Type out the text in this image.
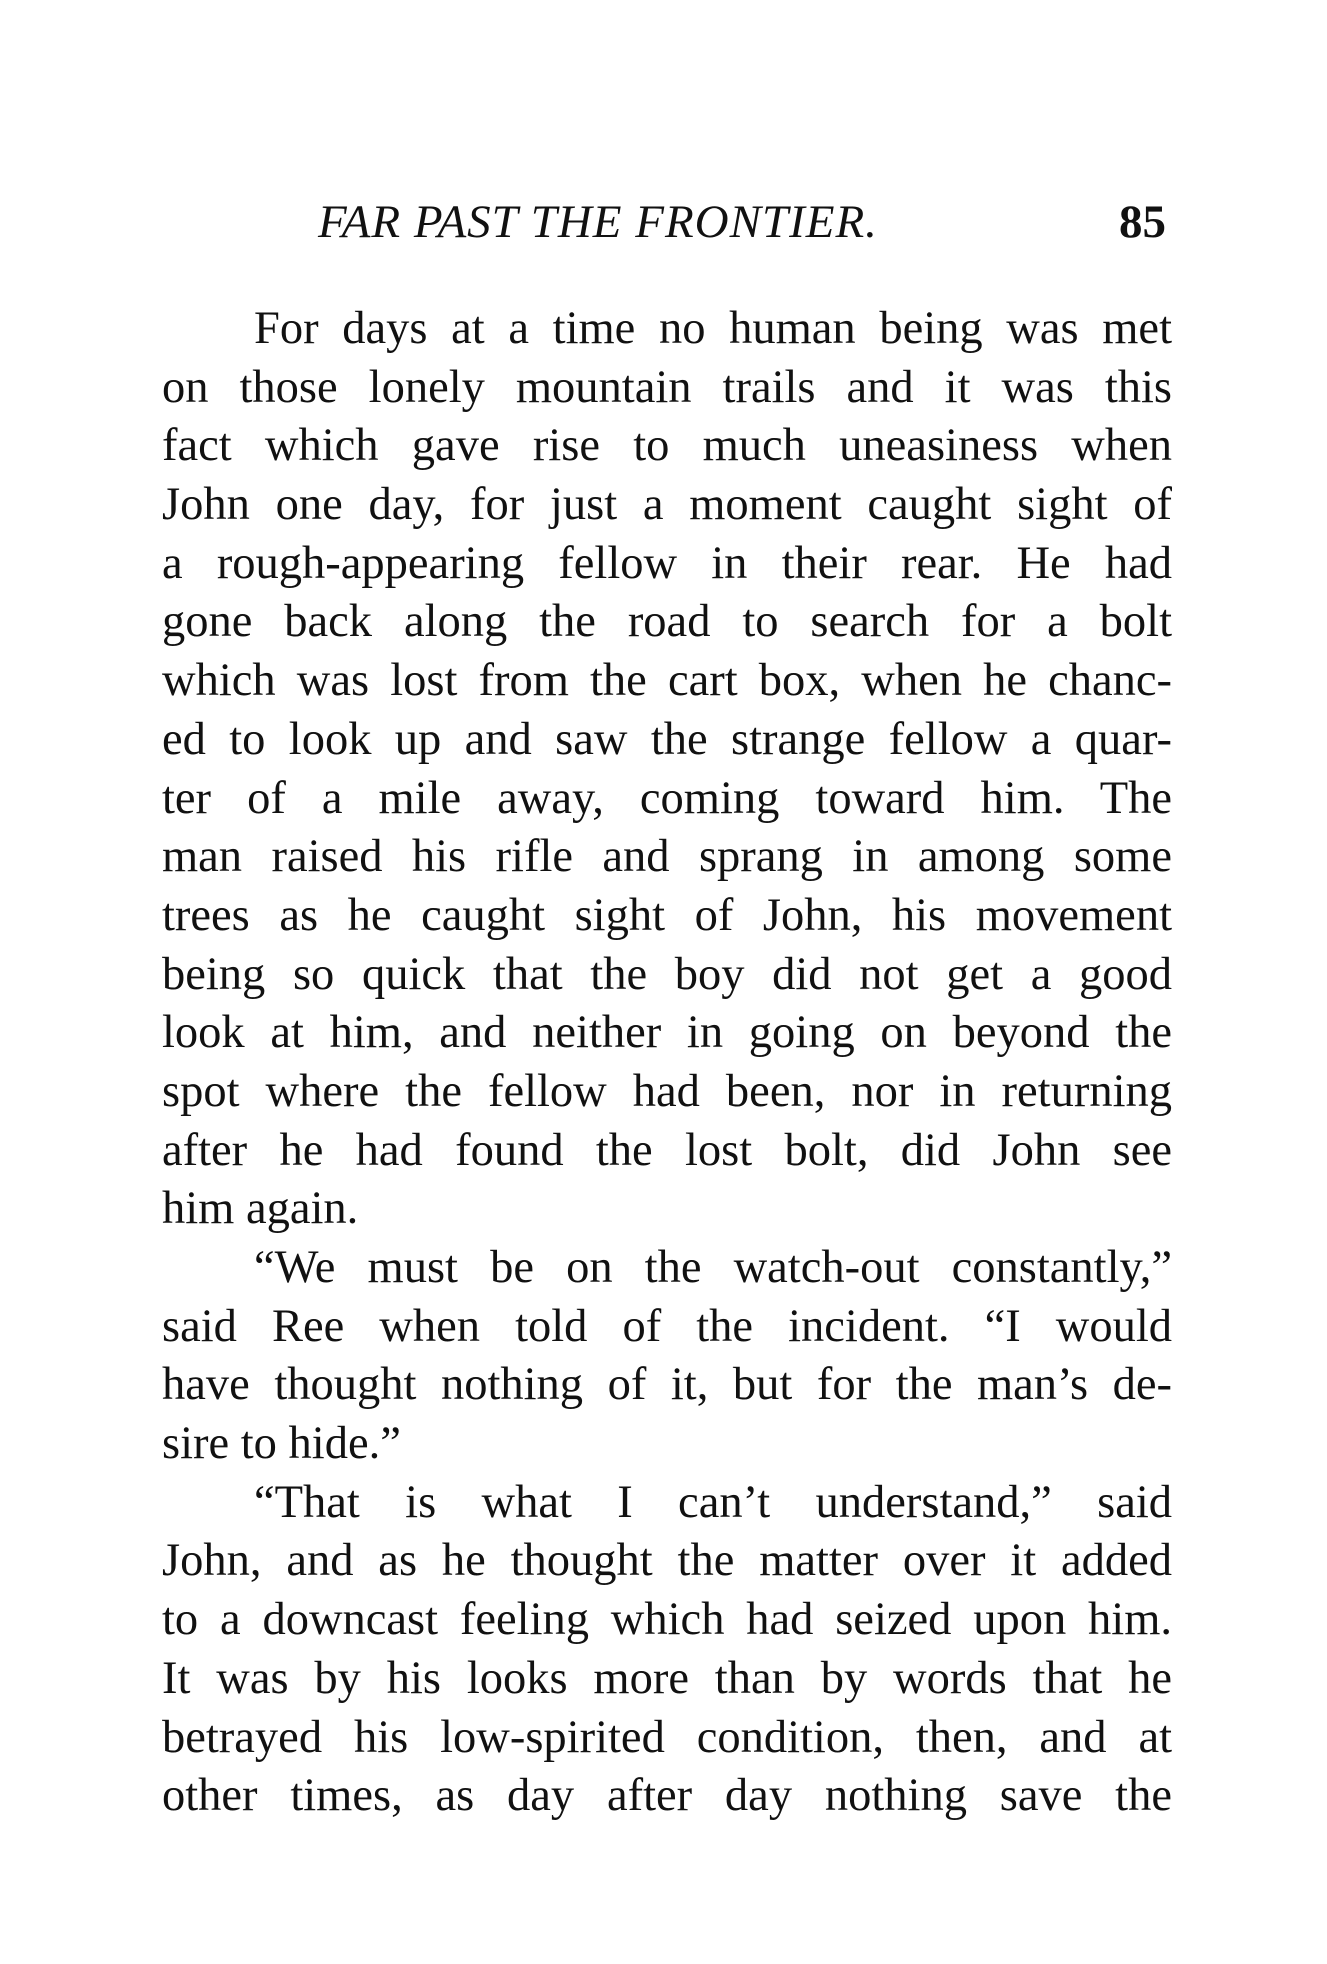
FAR PAST THE FRONTIER.	85
For days at a time no human being was met
on those lonely mountain trails and it was this
fact which gave rise to much uneasiness when
John one day, for just a moment caught sight of
a rough-appearing fellow in their rear. He had
gone back along the road to search for a bolt
which was lost from the cart box, when he chanc-
ed to look up and saw the strange fellow a quar-
ter of a mile away, coming toward him. The
man raised his rifle and sprang in among some
trees as he caught sight of John, his movement
being so quick that the boy did not get a good
look at him, and neither in going on beyond the
spot where the fellow had been, nor in returning
after he had found the lost bolt, did John see
him again.
“We must be on the watch-out constantly,”
said Ree when told of the incident. “I would
have thought nothing of it, but for the man’s de-
sire to hide.”
“That is what I can’t understand,” said
John, and as he thought the matter over it added
to a downcast feeling which had seized upon him.
It was by his looks more than by words that he
betrayed his low-spirited condition, then, and at
other times, as day after day nothing save the
